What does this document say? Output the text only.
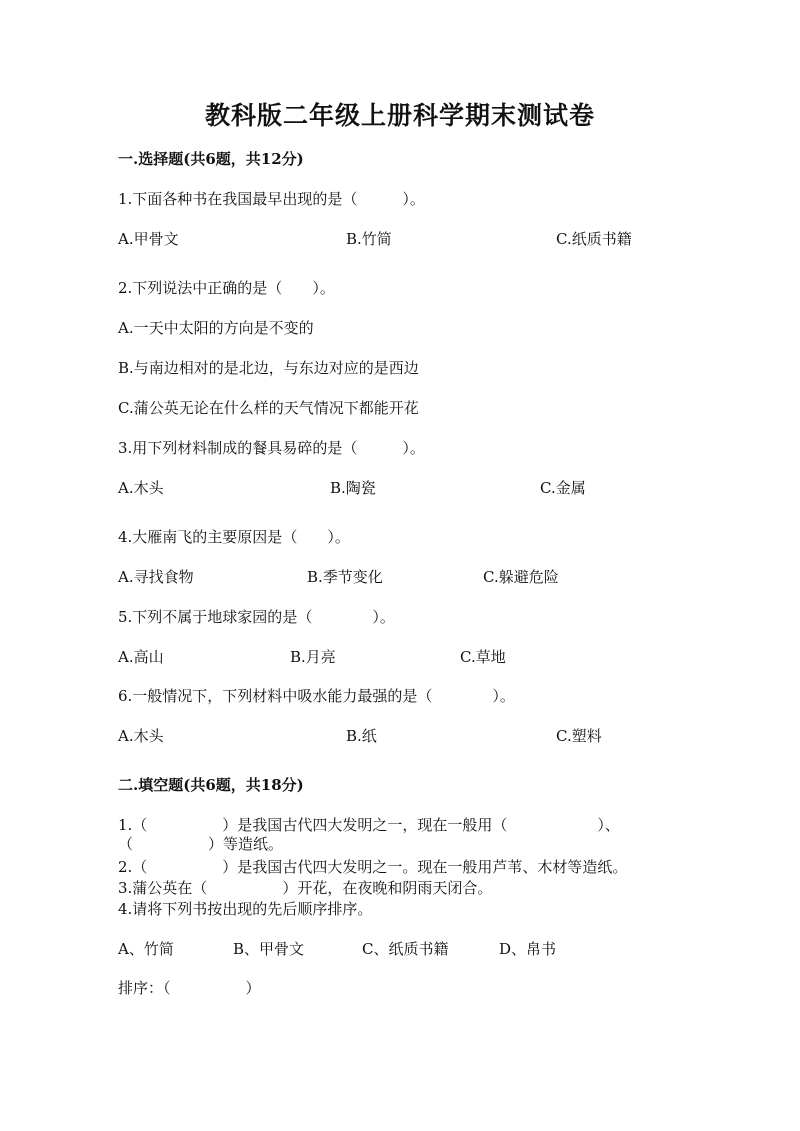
教科版二年级上册科学期末测试卷
一.选择题(共6题，共12分)
1.下面各种书在我国最早出现的是（　　　）。
A.甲骨文	B.竹简	C.纸质书籍
2.下列说法中正确的是（　　）。
A.一天中太阳的方向是不变的
B.与南边相对的是北边，与东边对应的是西边
C.蒲公英无论在什么样的天气情况下都能开花
3.用下列材料制成的餐具易碎的是（　　　）。
A.木头	B.陶瓷	C.金属
4.大雁南飞的主要原因是（　　）。
A.寻找食物	B.季节变化	C.躲避危险
5.下列不属于地球家园的是（　　　　）。
A.高山	B.月亮	C.草地
6.一般情况下，下列材料中吸水能力最强的是（　　　　）。
A.木头	B.纸	C.塑料
二.填空题(共6题，共18分)
1.（　　　　　）是我国古代四大发明之一，现在一般用（　　　　　　）、
（　　　　　）等造纸。
2.（　　　　　）是我国古代四大发明之一。现在一般用芦苇、木材等造纸。
3.蒲公英在（　　　　　）开花，在夜晚和阴雨天闭合。
4.请将下列书按出现的先后顺序排序。
A、竹简	B、甲骨文	C、纸质书籍	D、帛书
排序：（　　　　　）
